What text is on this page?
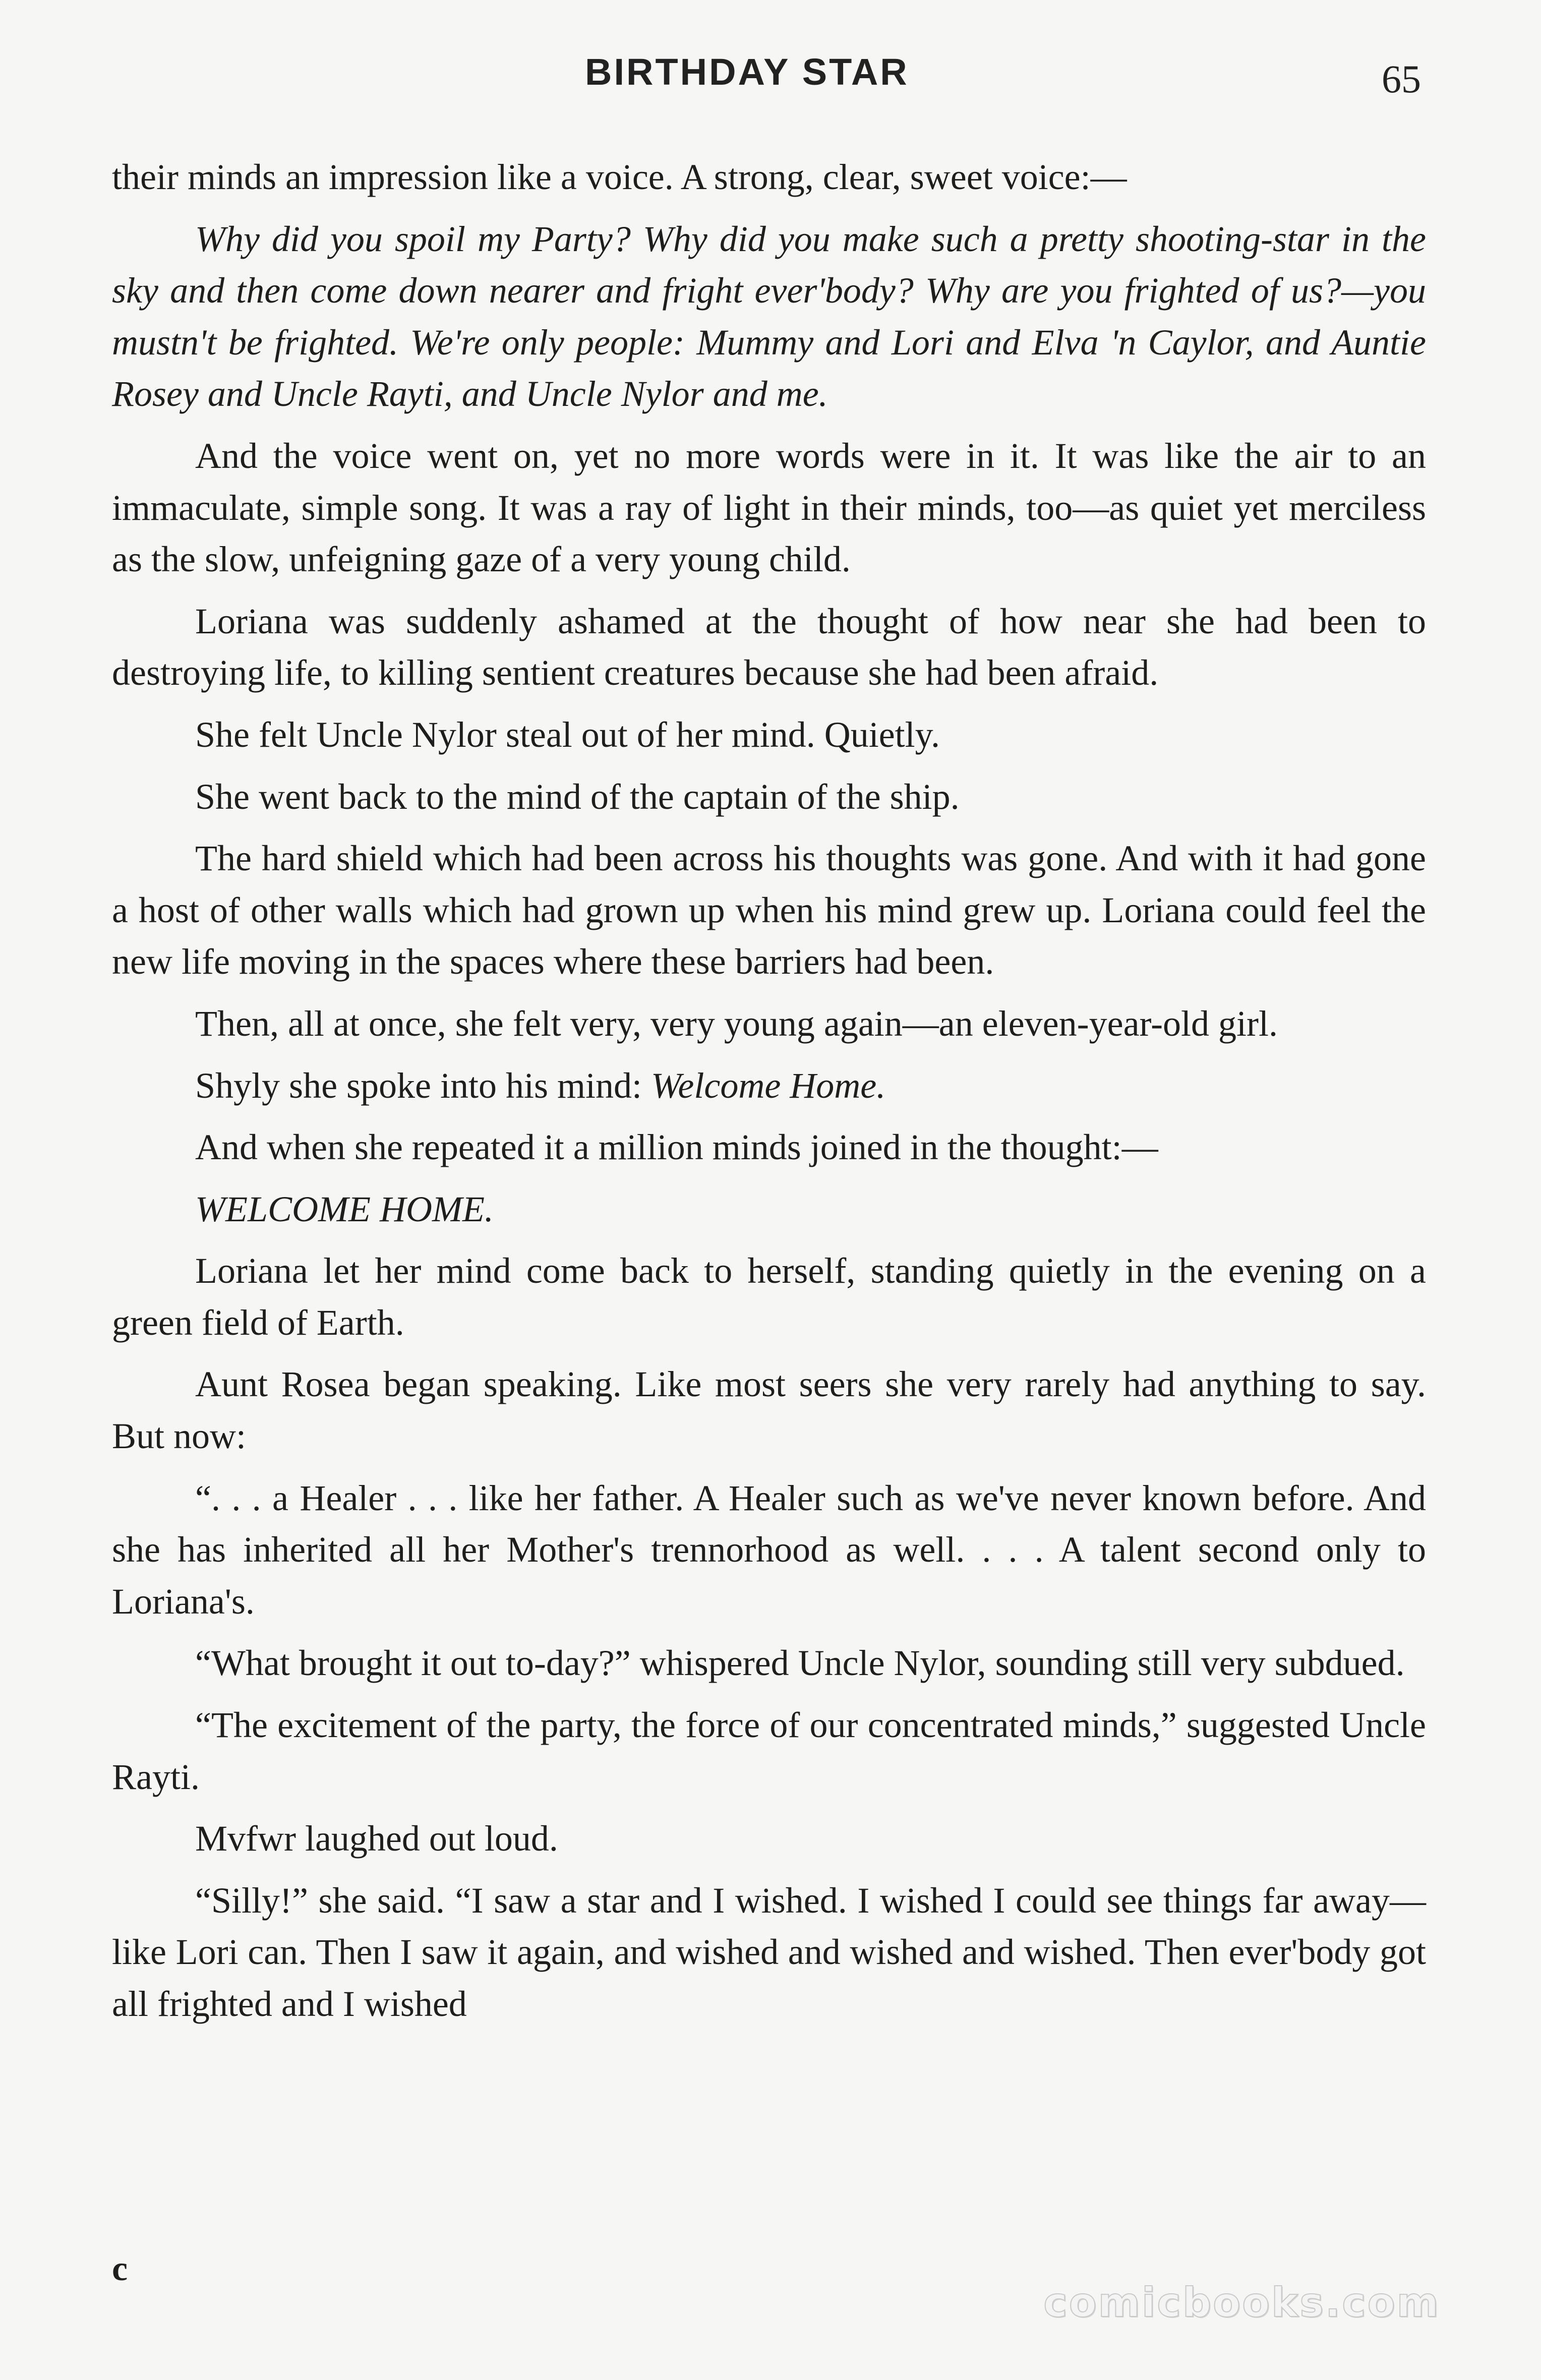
BIRTHDAY STAR	65

their minds an impression like a voice. A strong, clear, sweet voice:—

Why did you spoil my Party? Why did you make such a pretty shooting-star in the sky and then come down nearer and fright ever'body? Why are you frighted of us?—you mustn't be frighted. We're only people: Mummy and Lori and Elva 'n Caylor, and Auntie Rosey and Uncle Rayti, and Uncle Nylor and me.

And the voice went on, yet no more words were in it. It was like the air to an immaculate, simple song. It was a ray of light in their minds, too—as quiet yet merciless as the slow, unfeigning gaze of a very young child.

Loriana was suddenly ashamed at the thought of how near she had been to destroying life, to killing sentient creatures because she had been afraid.

She felt Uncle Nylor steal out of her mind. Quietly.

She went back to the mind of the captain of the ship.

The hard shield which had been across his thoughts was gone. And with it had gone a host of other walls which had grown up when his mind grew up. Loriana could feel the new life moving in the spaces where these barriers had been.

Then, all at once, she felt very, very young again—an eleven-year-old girl.

Shyly she spoke into his mind: Welcome Home.

And when she repeated it a million minds joined in the thought:—

WELCOME HOME.

Loriana let her mind come back to herself, standing quietly in the evening on a green field of Earth.

Aunt Rosea began speaking. Like most seers she very rarely had anything to say. But now:

“. . . a Healer . . . like her father. A Healer such as we've never known before. And she has inherited all her Mother's trennorhood as well. . . . A talent second only to Loriana's.

“What brought it out to-day?” whispered Uncle Nylor, sounding still very subdued.

“The excitement of the party, the force of our concentrated minds,” suggested Uncle Rayti.

Mvfwr laughed out loud.

“Silly!” she said. “I saw a star and I wished. I wished I could see things far away—like Lori can. Then I saw it again, and wished and wished and wished. Then ever'body got all frighted and I wished

c
comicbooks.com
